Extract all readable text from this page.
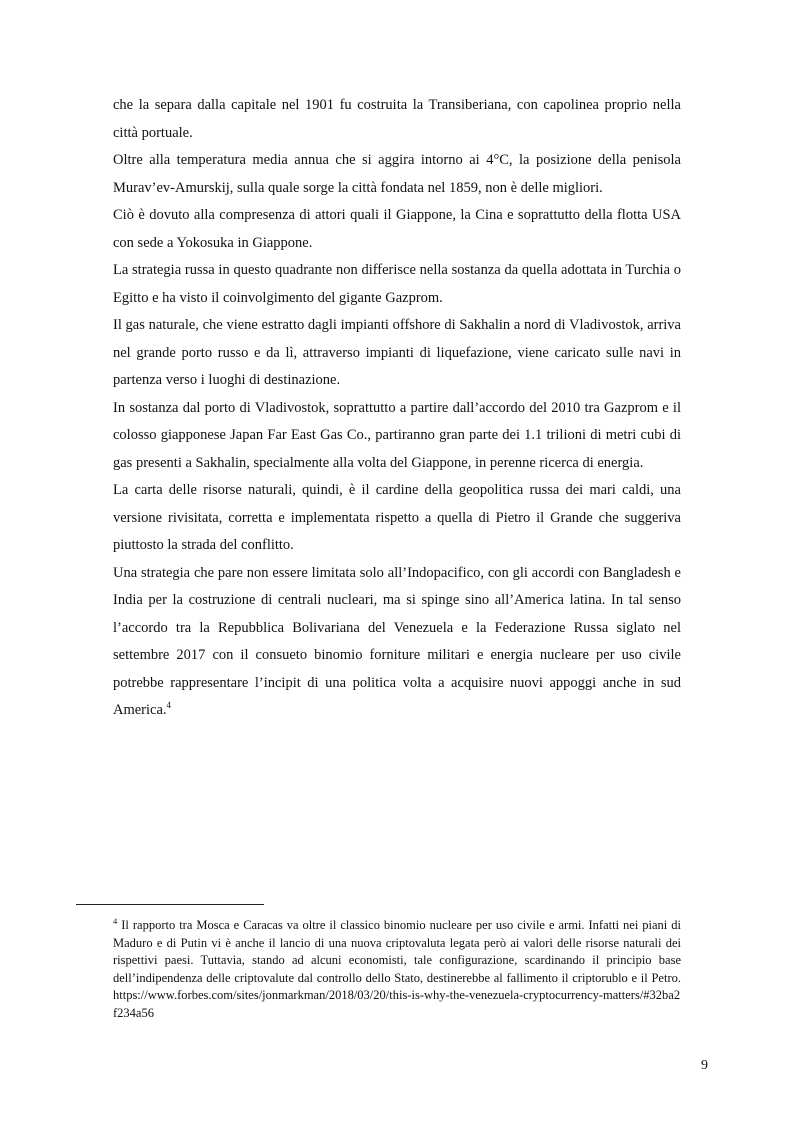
che la separa dalla capitale nel 1901 fu costruita la Transiberiana, con capolinea proprio nella città portuale.

Oltre alla temperatura media annua che si aggira intorno ai 4°C, la posizione della penisola Murav’ev-Amurskij, sulla quale sorge la città fondata nel 1859, non è delle migliori.

Ciò è dovuto alla compresenza di attori quali il Giappone, la Cina e soprattutto della flotta USA con sede a Yokosuka in Giappone.

La strategia russa in questo quadrante non differisce nella sostanza da quella adottata in Turchia o Egitto e ha visto il coinvolgimento del gigante Gazprom.

Il gas naturale, che viene estratto dagli impianti offshore di Sakhalin a nord di Vladivostok, arriva nel grande porto russo e da lì, attraverso impianti di liquefazione, viene caricato sulle navi in partenza verso i luoghi di destinazione.

In sostanza dal porto di Vladivostok, soprattutto a partire dall’accordo del 2010 tra Gazprom e il colosso giapponese Japan Far East Gas Co., partiranno gran parte dei 1.1 trilioni di metri cubi di gas presenti a Sakhalin, specialmente alla volta del Giappone, in perenne ricerca di energia.

La carta delle risorse naturali, quindi, è il cardine della geopolitica russa dei mari caldi, una versione rivisitata, corretta e implementata rispetto a quella di Pietro il Grande che suggeriva piuttosto la strada del conflitto.

Una strategia che pare non essere limitata solo all’Indopacifico, con gli accordi con Bangladesh e India per la costruzione di centrali nucleari, ma si spinge sino all’America latina. In tal senso l’accordo tra la Repubblica Bolivariana del Venezuela e la Federazione Russa siglato nel settembre 2017 con il consueto binomio forniture militari e energia nucleare per uso civile potrebbe rappresentare l’incipit di una politica volta a acquisire nuovi appoggi anche in sud America.$^4$

$^4$ Il rapporto tra Mosca e Caracas va oltre il classico binomio nucleare per uso civile e armi. Infatti nei piani di Maduro e di Putin vi è anche il lancio di una nuova criptovaluta legata però ai valori delle risorse naturali dei rispettivi paesi. Tuttavia, stando ad alcuni economisti, tale configurazione, scardinando il principio base dell’indipendenza delle criptovalute dal controllo dello Stato, destinerebbe al fallimento il criptorublo e il Petro. https://www.forbes.com/sites/jonmarkman/2018/03/20/this-is-why-the-venezuela-cryptocurrency-matters/#32ba2f234a56
9
